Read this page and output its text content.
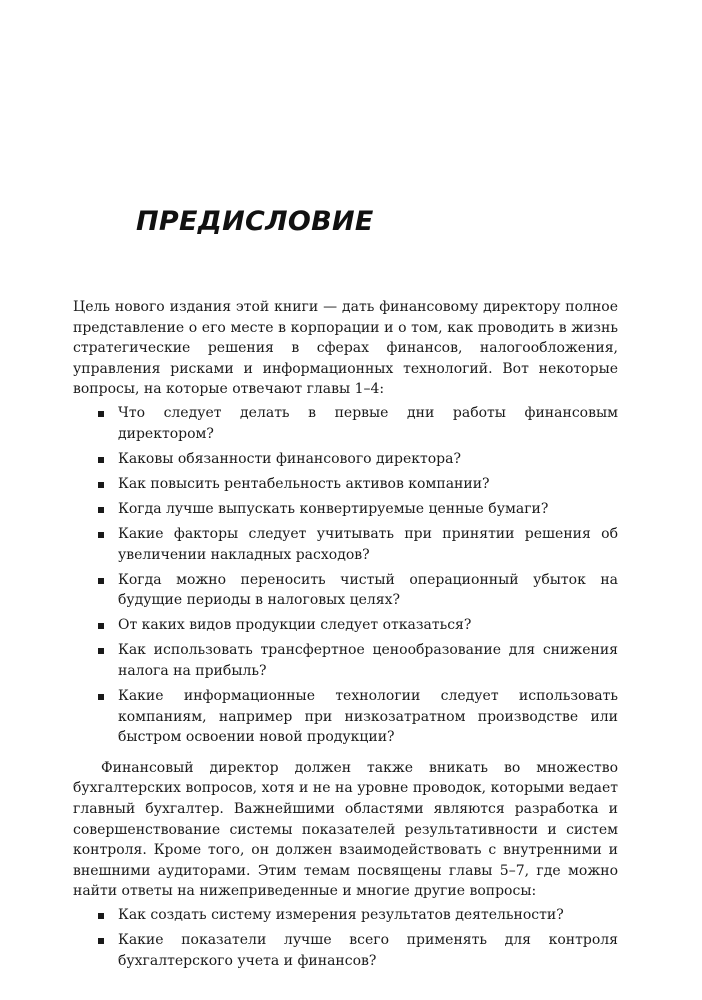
ПРЕДИСЛОВИЕ

Цель нового издания этой книги — дать финансовому директору полное представление о его месте в корпорации и о том, как проводить в жизнь стратегические решения в сферах финансов, налогообложения, управления рисками и информационных технологий. Вот некоторые вопросы, на которые отвечают главы 1–4:

Что следует делать в первые дни работы финансовым директором?
Каковы обязанности финансового директора?
Как повысить рентабельность активов компании?
Когда лучше выпускать конвертируемые ценные бумаги?
Какие факторы следует учитывать при принятии решения об увеличении накладных расходов?
Когда можно переносить чистый операционный убыток на будущие периоды в налоговых целях?
От каких видов продукции следует отказаться?
Как использовать трансфертное ценообразование для снижения налога на прибыль?
Какие информационные технологии следует использовать компаниям, например при низкозатратном производстве или быстром освоении новой продукции?

Финансовый директор должен также вникать во множество бухгалтерских вопросов, хотя и не на уровне проводок, которыми ведает главный бухгалтер. Важнейшими областями являются разработка и совершенствование системы показателей результативности и систем контроля. Кроме того, он должен взаимодействовать с внутренними и внешними аудиторами. Этим темам посвящены главы 5–7, где можно найти ответы на нижеприведенные и многие другие вопросы:

Как создать систему измерения результатов деятельности?
Какие показатели лучше всего применять для контроля бухгалтерского учета и финансов?
